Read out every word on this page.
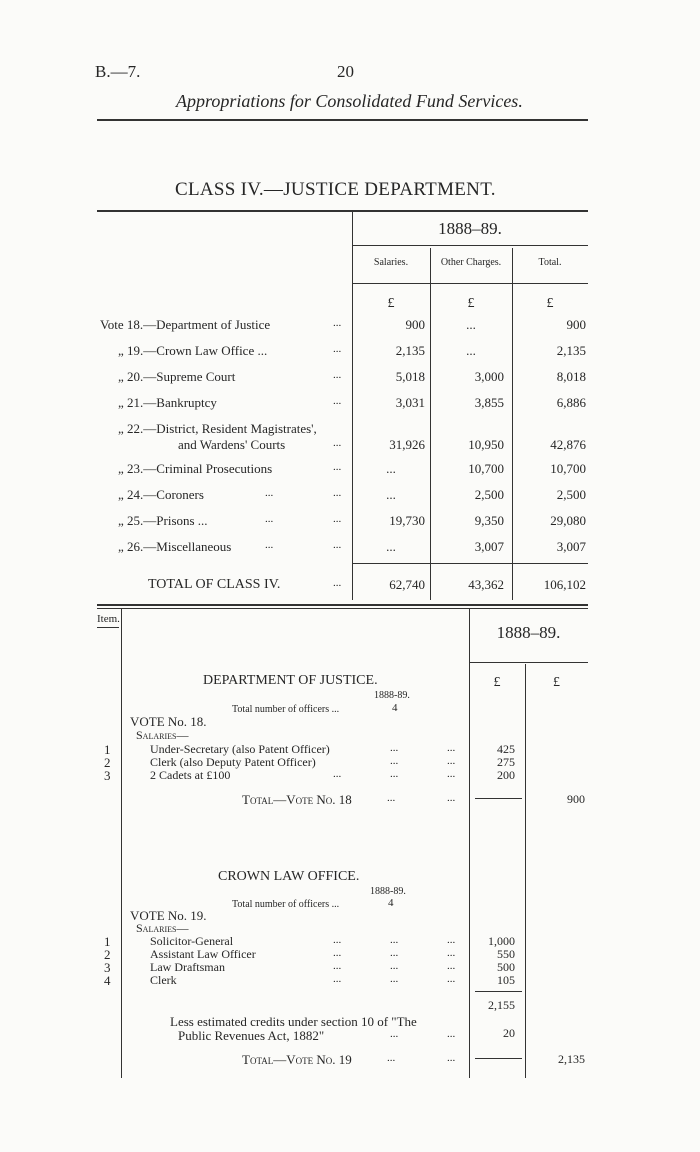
B.—7.	20
Appropriations for Consolidated Fund Services.
CLASS IV.—JUSTICE DEPARTMENT.
1888–89.
Salaries.	Other Charges.	Total.
£	£	£
Vote 18.—Department of Justice	...	900	...	900
„ 19.—Crown Law Office ...	...	2,135	...	2,135
„ 20.—Supreme Court	...	5,018	3,000	8,018
„ 21.—Bankruptcy	...	3,031	3,855	6,886
„ 22.—District, Resident Magistrates',
and Wardens' Courts	...	31,926	10,950	42,876
„ 23.—Criminal Prosecutions	...	...	10,700	10,700
„ 24.—Coroners	...	...	...	2,500	2,500
„ 25.—Prisons ...	...	...	19,730	9,350	29,080
„ 26.—Miscellaneous	...	...	...	3,007	3,007
TOTAL OF CLASS IV.	...	62,740	43,362	106,102
Item.
1888–89.
£	£
DEPARTMENT OF JUSTICE.
1888-89.
Total number of officers ...	4
VOTE No. 18.
Salaries—
1	Under-Secretary (also Patent Officer)	...	...	425
2	Clerk (also Deputy Patent Officer)	...	...	275
3	2 Cadets at £100	...	...	...	200
Total—Vote No. 18	...	...	900
CROWN LAW OFFICE.
1888-89.
Total number of officers ...	4
VOTE No. 19.
Salaries—
1	Solicitor-General	...	...	...	1,000
2	Assistant Law Officer	...	...	...	550
3	Law Draftsman	...	...	...	500
4	Clerk	...	...	...	105
2,155
Less estimated credits under section 10 of "The
Public Revenues Act, 1882"	...	...	20
Total—Vote No. 19	...	...	2,135
